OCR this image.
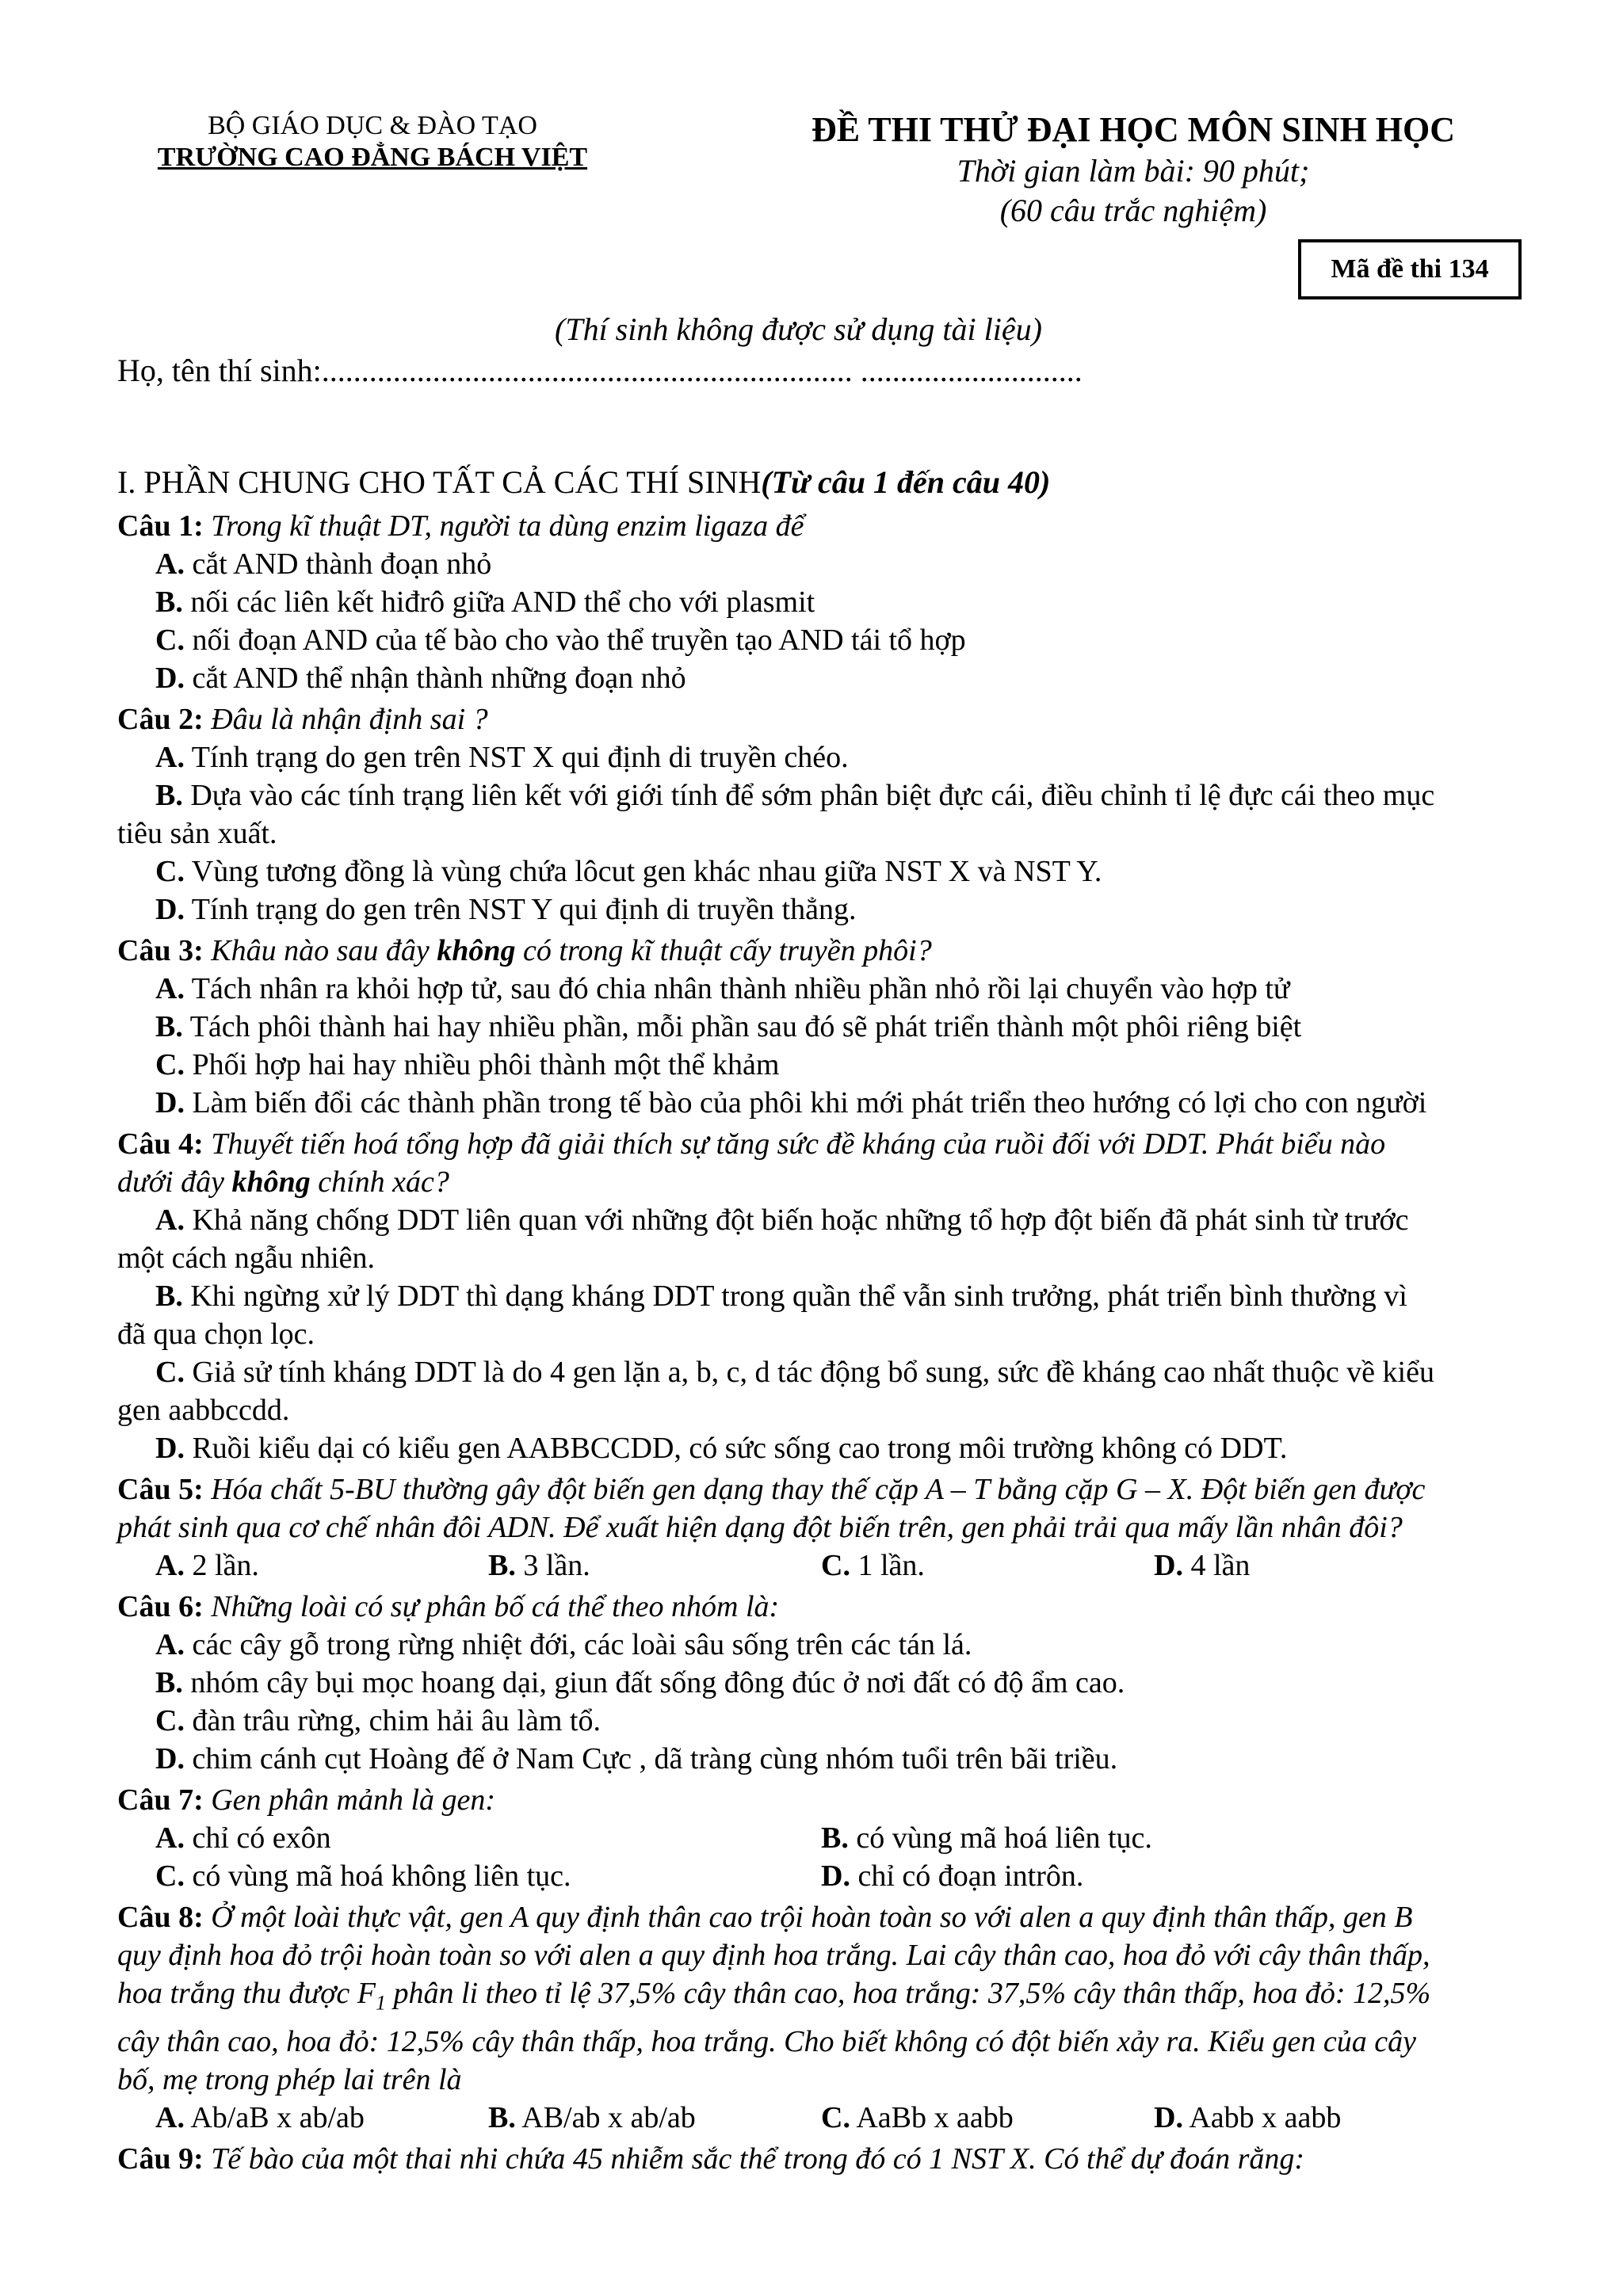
BỘ GIÁO DỤC & ĐÀO TẠO
TRƯỜNG CAO ĐẲNG BÁCH VIỆT
ĐỀ THI THỬ ĐẠI HỌC MÔN SINH HỌC
Thời gian làm bài: 90 phút;
(60 câu trắc nghiệm)
Mã đề thi 134
(Thí sinh không được sử dụng tài liệu)
Họ, tên thí sinh:................................................................... ............................
I. PHẦN CHUNG CHO TẤT CẢ CÁC THÍ SINH(Từ câu 1 đến câu 40)
Câu 1: Trong kĩ thuật DT, người ta dùng enzim ligaza để
A. cắt AND thành đoạn nhỏ
B. nối các liên kết hiđrô giữa AND thể cho với plasmit
C. nối đoạn AND của tế bào cho vào thể truyền tạo AND tái tổ hợp
D. cắt AND thể nhận thành những đoạn nhỏ
Câu 2: Đâu là nhận định sai ?
A. Tính trạng do gen trên NST X qui định di truyền chéo.
B. Dựa vào các tính trạng liên kết với giới tính để sớm phân biệt đực cái, điều chỉnh tỉ lệ đực cái theo mục
tiêu sản xuất.
C. Vùng tương đồng là vùng chứa lôcut gen khác nhau giữa NST X và NST Y.
D. Tính trạng do gen trên NST Y qui định di truyền thẳng.
Câu 3: Khâu nào sau đây không có trong kĩ thuật cấy truyền phôi?
A. Tách nhân ra khỏi hợp tử, sau đó chia nhân thành nhiều phần nhỏ rồi lại chuyển vào hợp tử
B. Tách phôi thành hai hay nhiều phần, mỗi phần sau đó sẽ phát triển thành một phôi riêng biệt
C. Phối hợp hai hay nhiều phôi thành một thể khảm
D. Làm biến đổi các thành phần trong tế bào của phôi khi mới phát triển theo hướng có lợi cho con người
Câu 4: Thuyết tiến hoá tổng hợp đã giải thích sự tăng sức đề kháng của ruồi đối với DDT. Phát biểu nào
dưới đây không chính xác?
A. Khả năng chống DDT liên quan với những đột biến hoặc những tổ hợp đột biến đã phát sinh từ trước
một cách ngẫu nhiên.
B. Khi ngừng xử lý DDT thì dạng kháng DDT trong quần thể vẫn sinh trưởng, phát triển bình thường vì
đã qua chọn lọc.
C. Giả sử tính kháng DDT là do 4 gen lặn a, b, c, d tác động bổ sung, sức đề kháng cao nhất thuộc về kiểu
gen aabbccdd.
D. Ruồi kiểu dại có kiểu gen AABBCCDD, có sức sống cao trong môi trường không có DDT.
Câu 5: Hóa chất 5-BU thường gây đột biến gen dạng thay thế cặp A – T bằng cặp G – X. Đột biến gen được
phát sinh qua cơ chế nhân đôi ADN. Để xuất hiện dạng đột biến trên, gen phải trải qua mấy lần nhân đôi?
A. 2 lần.	B. 3 lần.	C. 1 lần.	D. 4 lần
Câu 6: Những loài có sự phân bố cá thể theo nhóm là:
A. các cây gỗ trong rừng nhiệt đới, các loài sâu sống trên các tán lá.
B. nhóm cây bụi mọc hoang dại, giun đất sống đông đúc ở nơi đất có độ ẩm cao.
C. đàn trâu rừng, chim hải âu làm tổ.
D. chim cánh cụt Hoàng đế ở Nam Cực , dã tràng cùng nhóm tuổi trên bãi triều.
Câu 7: Gen phân mảnh là gen:
A. chỉ có exôn	B. có vùng mã hoá liên tục.
C. có vùng mã hoá không liên tục.	D. chỉ có đoạn intrôn.
Câu 8: Ở một loài thực vật, gen A quy định thân cao trội hoàn toàn so với alen a quy định thân thấp, gen B
quy định hoa đỏ trội hoàn toàn so với alen a quy định hoa trắng. Lai cây thân cao, hoa đỏ với cây thân thấp,
hoa trắng thu được $F_1$ phân li theo tỉ lệ 37,5% cây thân cao, hoa trắng: 37,5% cây thân thấp, hoa đỏ: 12,5%
cây thân cao, hoa đỏ: 12,5% cây thân thấp, hoa trắng. Cho biết không có đột biến xảy ra. Kiểu gen của cây
bố, mẹ trong phép lai trên là
A. Ab/aB x ab/ab	B. AB/ab x ab/ab	C. AaBb x aabb	D. Aabb x aabb
Câu 9: Tế bào của một thai nhi chứa 45 nhiễm sắc thể trong đó có 1 NST X. Có thể dự đoán rằng:
